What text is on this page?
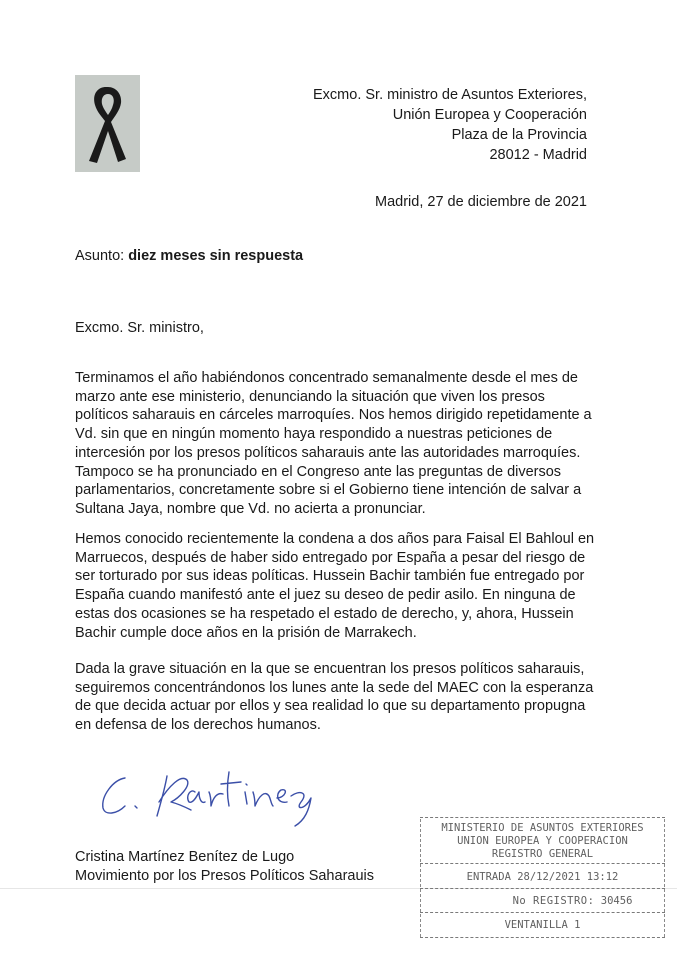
Excmo. Sr. ministro de Asuntos Exteriores,
Unión Europea y Cooperación
Plaza de la Provincia
28012 - Madrid
Madrid, 27 de diciembre de 2021
Asunto: diez meses sin respuesta
Excmo. Sr. ministro,
Terminamos el año habiéndonos concentrado semanalmente desde el mes de
marzo ante ese ministerio, denunciando la situación que viven los presos
políticos saharauis en cárceles marroquíes. Nos hemos dirigido repetidamente a
Vd. sin que en ningún momento haya respondido a nuestras peticiones de
intercesión por los presos políticos saharauis ante las autoridades marroquíes.
Tampoco se ha pronunciado en el Congreso ante las preguntas de diversos
parlamentarios, concretamente sobre si el Gobierno tiene intención de salvar a
Sultana Jaya, nombre que Vd. no acierta a pronunciar.
Hemos conocido recientemente la condena a dos años para Faisal El Bahloul en
Marruecos, después de haber sido entregado por España a pesar del riesgo de
ser torturado por sus ideas políticas. Hussein Bachir también fue entregado por
España cuando manifestó ante el juez su deseo de pedir asilo. En ninguna de
estas dos ocasiones se ha respetado el estado de derecho, y, ahora, Hussein
Bachir cumple doce años en la prisión de Marrakech.
Dada la grave situación en la que se encuentran los presos políticos saharauis,
seguiremos concentrándonos los lunes ante la sede del MAEC con la esperanza
de que decida actuar por ellos y sea realidad lo que su departamento propugna
en defensa de los derechos humanos.
Cristina Martínez Benítez de Lugo
Movimiento por los Presos Políticos Saharauis
MINISTERIO DE ASUNTOS EXTERIORES
UNION EUROPEA Y COOPERACION
REGISTRO GENERAL
ENTRADA 28/12/2021 13:12
No REGISTRO: 30456
VENTANILLA 1
